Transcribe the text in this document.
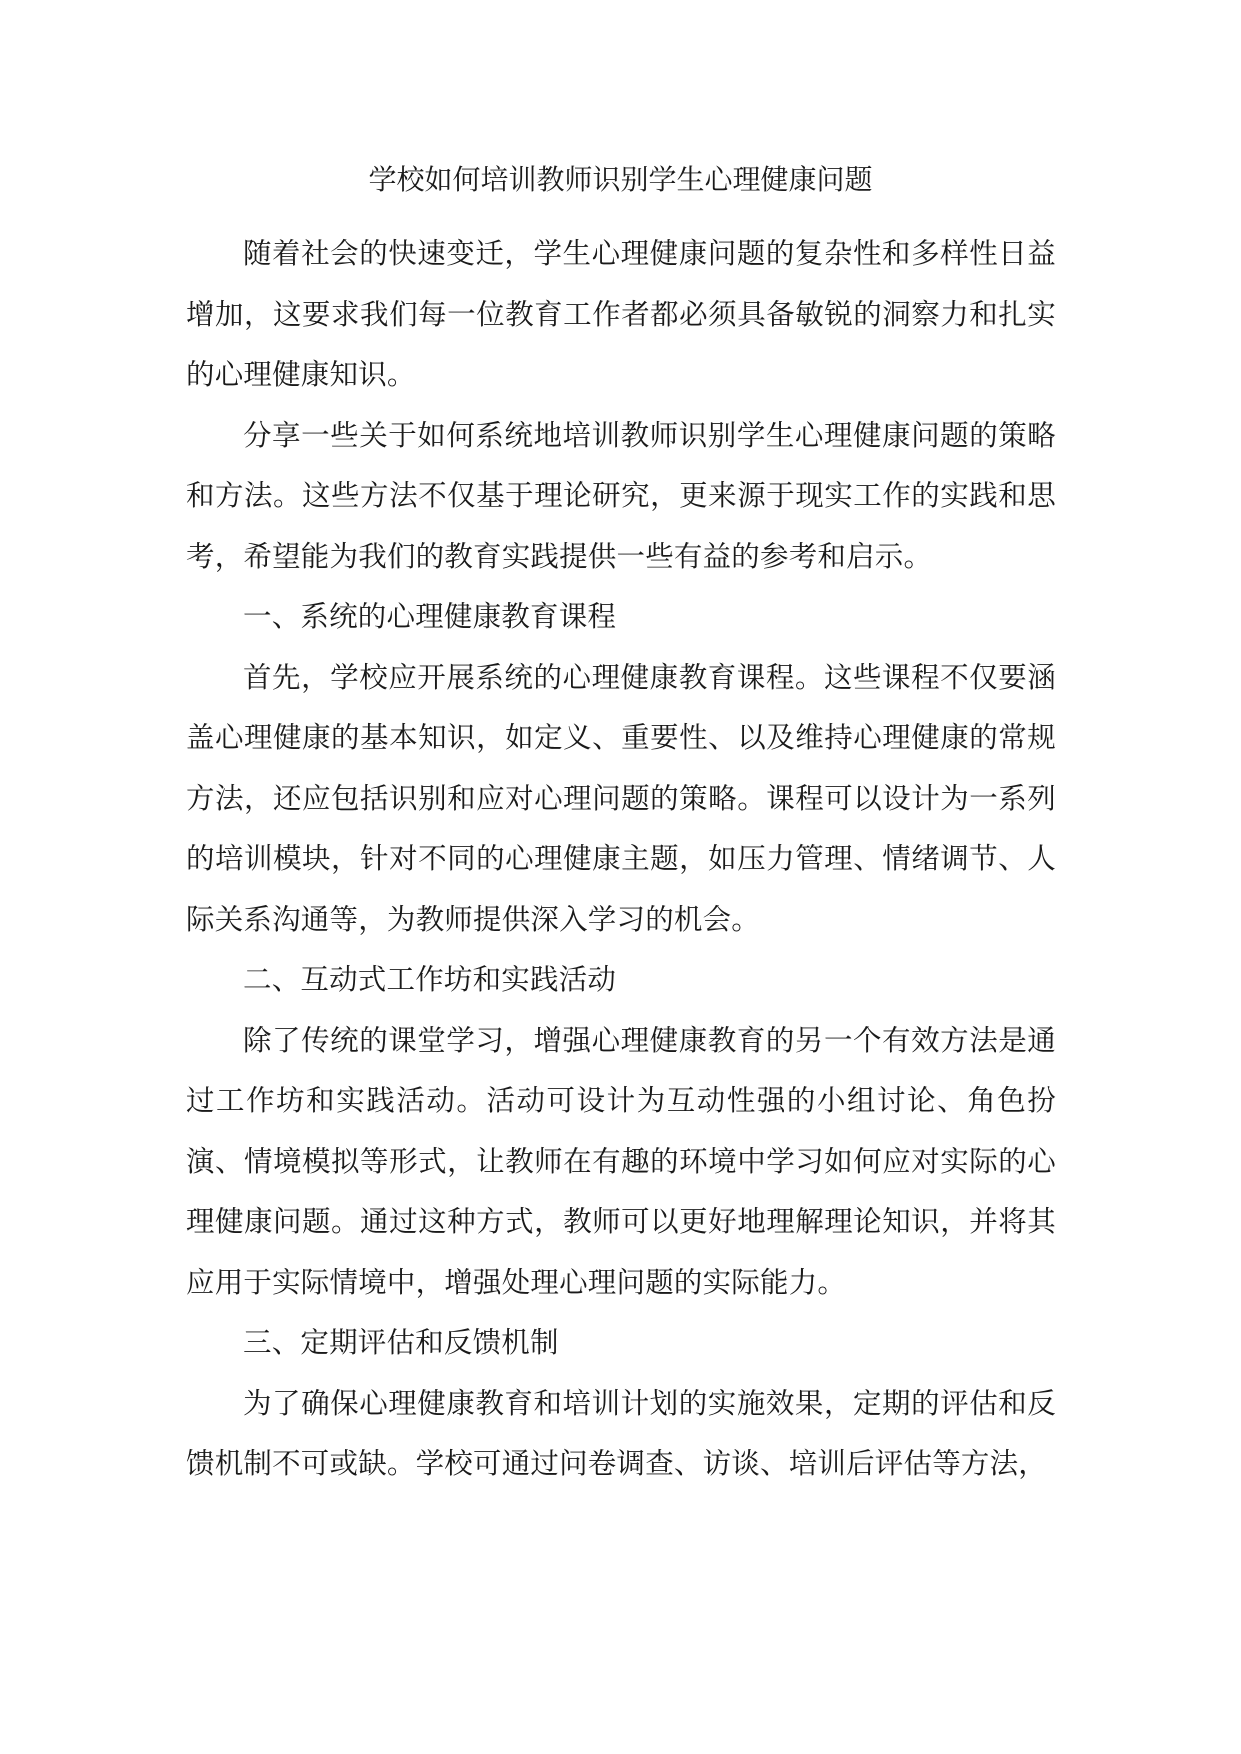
学校如何培训教师识别学生心理健康问题

随着社会的快速变迁，学生心理健康问题的复杂性和多样性日益增加，这要求我们每一位教育工作者都必须具备敏锐的洞察力和扎实的心理健康知识。

分享一些关于如何系统地培训教师识别学生心理健康问题的策略和方法。这些方法不仅基于理论研究，更来源于现实工作的实践和思考，希望能为我们的教育实践提供一些有益的参考和启示。

一、系统的心理健康教育课程

首先，学校应开展系统的心理健康教育课程。这些课程不仅要涵盖心理健康的基本知识，如定义、重要性、以及维持心理健康的常规方法，还应包括识别和应对心理问题的策略。课程可以设计为一系列的培训模块，针对不同的心理健康主题，如压力管理、情绪调节、人际关系沟通等，为教师提供深入学习的机会。

二、互动式工作坊和实践活动

除了传统的课堂学习，增强心理健康教育的另一个有效方法是通过工作坊和实践活动。活动可设计为互动性强的小组讨论、角色扮演、情境模拟等形式，让教师在有趣的环境中学习如何应对实际的心理健康问题。通过这种方式，教师可以更好地理解理论知识，并将其应用于实际情境中，增强处理心理问题的实际能力。

三、定期评估和反馈机制

为了确保心理健康教育和培训计划的实施效果，定期的评估和反馈机制不可或缺。学校可通过问卷调查、访谈、培训后评估等方法，
